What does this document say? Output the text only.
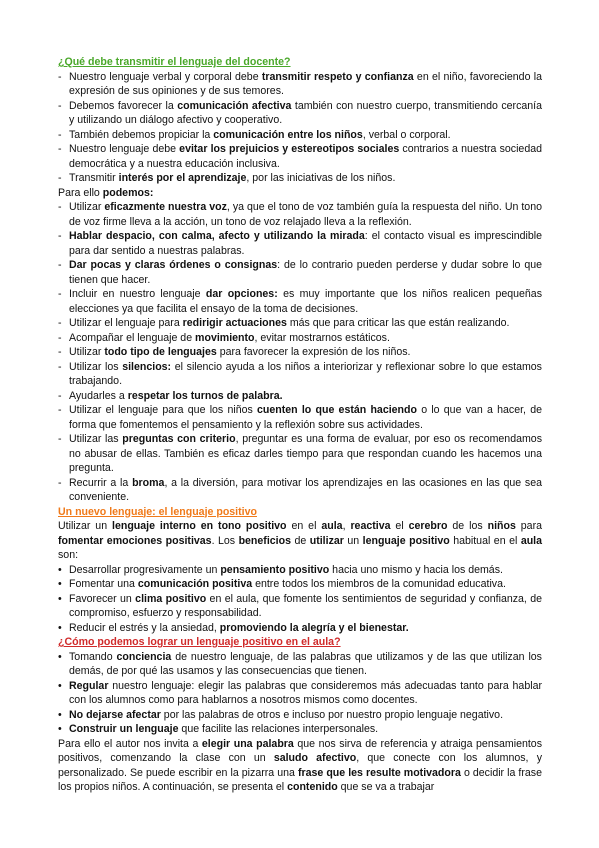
¿Qué debe transmitir el lenguaje del docente?

- Nuestro lenguaje verbal y corporal debe transmitir respeto y confianza en el niño, favoreciendo la expresión de sus opiniones y de sus temores.
- Debemos favorecer la comunicación afectiva también con nuestro cuerpo, transmitiendo cercanía y utilizando un diálogo afectivo y cooperativo.
- También debemos propiciar la comunicación entre los niños, verbal o corporal.
- Nuestro lenguaje debe evitar los prejuicios y estereotipos sociales contrarios a nuestra sociedad democrática y a nuestra educación inclusiva.
- Transmitir interés por el aprendizaje, por las iniciativas de los niños.

Para ello podemos:

- Utilizar eficazmente nuestra voz, ya que el tono de voz también guía la respuesta del niño. Un tono de voz firme lleva a la acción, un tono de voz relajado lleva a la reflexión.
- Hablar despacio, con calma, afecto y utilizando la mirada: el contacto visual es imprescindible para dar sentido a nuestras palabras.
- Dar pocas y claras órdenes o consignas: de lo contrario pueden perderse y dudar sobre lo que tienen que hacer.
- Incluir en nuestro lenguaje dar opciones: es muy importante que los niños realicen pequeñas elecciones ya que facilita el ensayo de la toma de decisiones.
- Utilizar el lenguaje para redirigir actuaciones más que para criticar las que están realizando.
- Acompañar el lenguaje de movimiento, evitar mostrarnos estáticos.
- Utilizar todo tipo de lenguajes para favorecer la expresión de los niños.
- Utilizar los silencios: el silencio ayuda a los niños a interiorizar y reflexionar sobre lo que estamos trabajando.
- Ayudarles a respetar los turnos de palabra.
- Utilizar el lenguaje para que los niños cuenten lo que están haciendo o lo que van a hacer, de forma que fomentemos el pensamiento y la reflexión sobre sus actividades.
- Utilizar las preguntas con criterio, preguntar es una forma de evaluar, por eso os recomendamos no abusar de ellas. También es eficaz darles tiempo para que respondan cuando les hacemos una pregunta.
- Recurrir a la broma, a la diversión, para motivar los aprendizajes en las ocasiones en las que sea conveniente.

Un nuevo lenguaje: el lenguaje positivo

Utilizar un lenguaje interno en tono positivo en el aula, reactiva el cerebro de los niños para fomentar emociones positivas. Los beneficios de utilizar un lenguaje positivo habitual en el aula son:

• Desarrollar progresivamente un pensamiento positivo hacia uno mismo y hacia los demás.
• Fomentar una comunicación positiva entre todos los miembros de la comunidad educativa.
• Favorecer un clima positivo en el aula, que fomente los sentimientos de seguridad y confianza, de compromiso, esfuerzo y responsabilidad.
• Reducir el estrés y la ansiedad, promoviendo la alegría y el bienestar.

¿Cómo podemos lograr un lenguaje positivo en el aula?

• Tomando conciencia de nuestro lenguaje, de las palabras que utilizamos y de las que utilizan los demás, de por qué las usamos y las consecuencias que tienen.
• Regular nuestro lenguaje: elegir las palabras que consideremos más adecuadas tanto para hablar con los alumnos como para hablarnos a nosotros mismos como docentes.
• No dejarse afectar por las palabras de otros e incluso por nuestro propio lenguaje negativo.
• Construir un lenguaje que facilite las relaciones interpersonales.

Para ello el autor nos invita a elegir una palabra que nos sirva de referencia y atraiga pensamientos positivos, comenzando la clase con un saludo afectivo, que conecte con los alumnos, y personalizado. Se puede escribir en la pizarra una frase que les resulte motivadora o decidir la frase los propios niños. A continuación, se presenta el contenido que se va a trabajar
